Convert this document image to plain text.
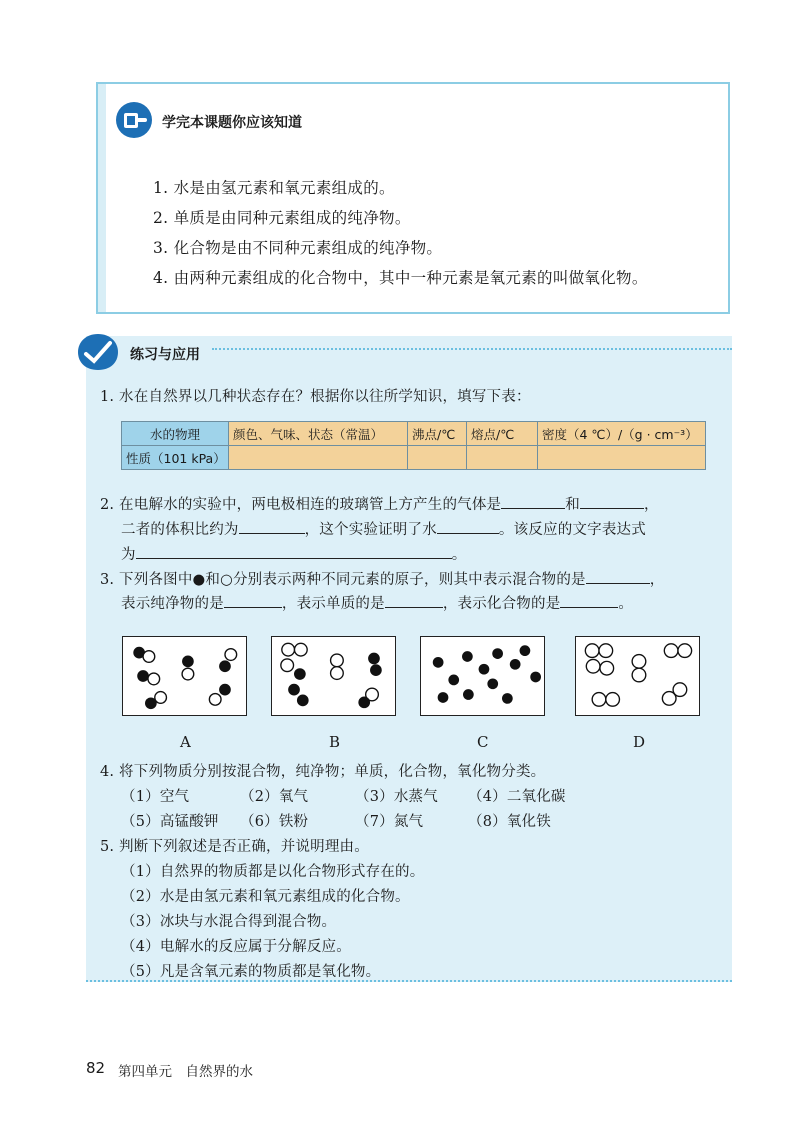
学完本课题你应该知道
1. 水是由氢元素和氧元素组成的。
2. 单质是由同种元素组成的纯净物。
3. 化合物是由不同种元素组成的纯净物。
4. 由两种元素组成的化合物中，其中一种元素是氧元素的叫做氧化物。
练习与应用
1. 水在自然界以几种状态存在？根据你以往所学知识，填写下表：
水的物理	颜色、气味、状态（常温）	沸点/℃	熔点/℃	密度（4 ℃）/（g · cm⁻³）
性质（101 kPa）				
2. 在电解水的实验中，两电极相连的玻璃管上方产生的气体是	和	，
二者的体积比约为	，这个实验证明了水	。该反应的文字表达式
为	。
3. 下列各图中●和○分别表示两种不同元素的原子，则其中表示混合物的是	，
表示纯净物的是	，表示单质的是	，表示化合物的是	。
A	B	C	D
4. 将下列物质分别按混合物，纯净物；单质，化合物，氧化物分类。
（1）空气	（2）氧气	（3）水蒸气 （4）二氧化碳
（5）高锰酸钾 （6）铁粉	（7）氮气	（8）氧化铁
5. 判断下列叙述是否正确，并说明理由。
（1）自然界的物质都是以化合物形式存在的。
（2）水是由氢元素和氧元素组成的化合物。
（3）冰块与水混合得到混合物。
（4）电解水的反应属于分解反应。
（5）凡是含氧元素的物质都是氧化物。
82 第四单元　自然界的水
